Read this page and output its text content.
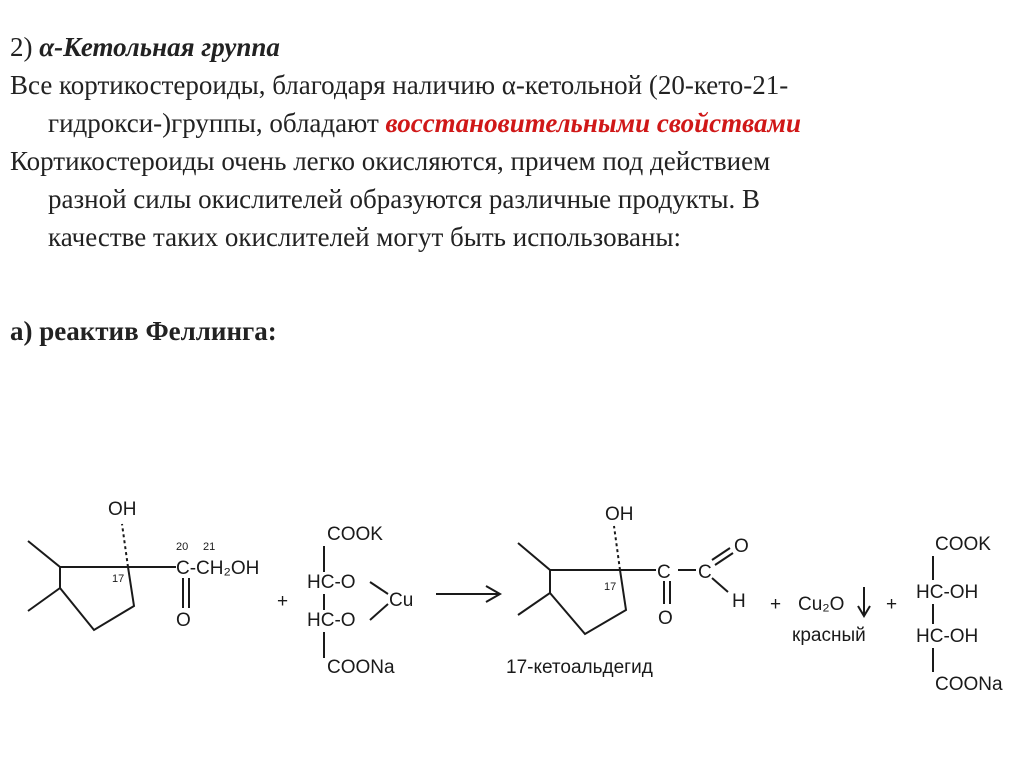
2) α-Кетольная группа
Все кортикостероиды, благодаря наличию α-кетольной (20-кето-21-
гидрокси-)группы, обладают восстановительными свойствами
Кортикостероиды очень легко окисляются, причем под действием
разной силы окислителей образуются различные продукты. В
качестве таких окислителей могут быть использованы:
а) реактив Феллинга:
OH
20 21
17	C-CH₂OH
O
+
COOK
HC-O
HC-O
COONa
Cu
OH
17
C C
O
H
O
17-кетоальдегид
+ Cu₂O
красный
+
COOK
HC-OH
HC-OH
COONa
